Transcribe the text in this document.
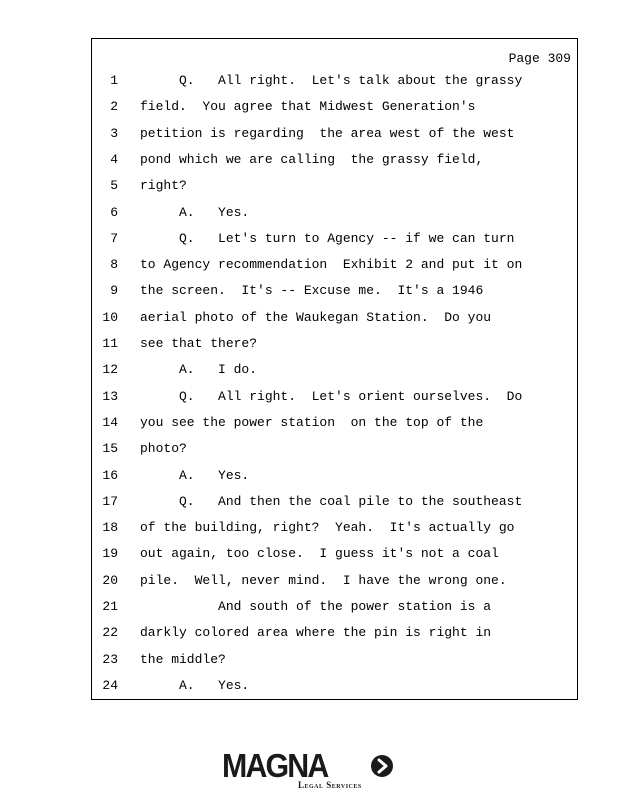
Page 309
1 Q.   All right.  Let's talk about the grassy
2 field.  You agree that Midwest Generation's
3 petition is regarding  the area west of the west
4 pond which we are calling  the grassy field,
5 right?
6 A.   Yes.
7 Q.   Let's turn to Agency -- if we can turn
8 to Agency recommendation  Exhibit 2 and put it on
9 the screen.  It's -- Excuse me.  It's a 1946
10 aerial photo of the Waukegan Station.  Do you
11 see that there?
12 A.   I do.
13 Q.   All right.  Let's orient ourselves.  Do
14 you see the power station  on the top of the
15 photo?
16 A.   Yes.
17 Q.   And then the coal pile to the southeast
18 of the building, right?  Yeah.  It's actually go
19 out again, too close.  I guess it's not a coal
20 pile.  Well, never mind.  I have the wrong one.
21 And south of the power station is a
22 darkly colored area where the pin is right in
23 the middle?
24 A.   Yes.
MAGNA
Legal Services
